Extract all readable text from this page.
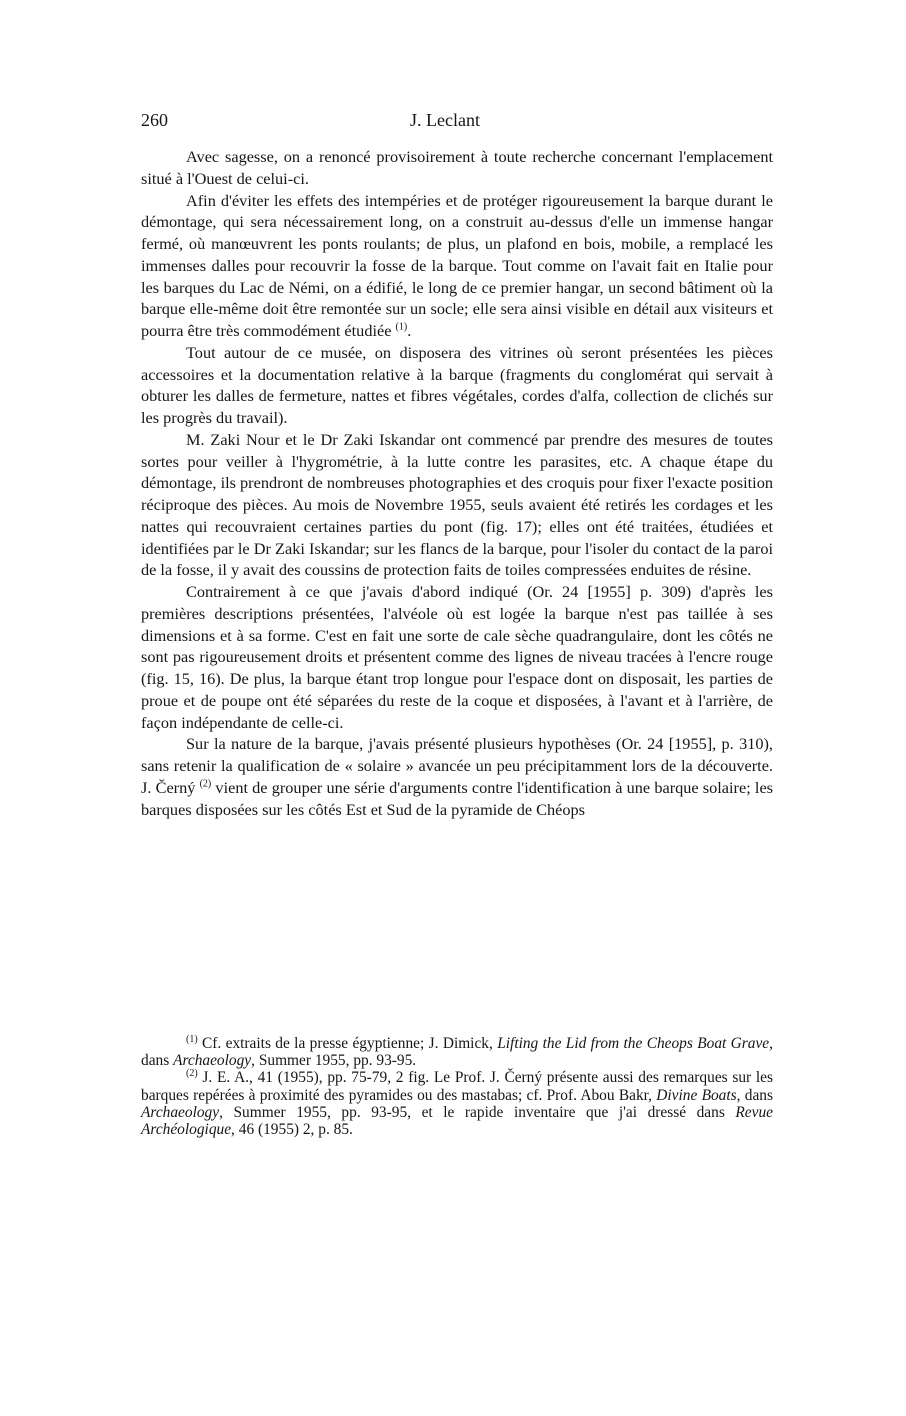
260	J. Leclant

Avec sagesse, on a renoncé provisoirement à toute recherche concernant l'emplacement situé à l'Ouest de celui-ci.

Afin d'éviter les effets des intempéries et de protéger rigoureusement la barque durant le démontage, qui sera nécessairement long, on a construit au-dessus d'elle un immense hangar fermé, où manœuvrent les ponts roulants; de plus, un plafond en bois, mobile, a remplacé les immenses dalles pour recouvrir la fosse de la barque. Tout comme on l'avait fait en Italie pour les barques du Lac de Némi, on a édifié, le long de ce premier hangar, un second bâtiment où la barque elle-même doit être remontée sur un socle; elle sera ainsi visible en détail aux visiteurs et pourra être très commodément étudiée $^{(1)}$.

Tout autour de ce musée, on disposera des vitrines où seront présentées les pièces accessoires et la documentation relative à la barque (fragments du conglomérat qui servait à obturer les dalles de fermeture, nattes et fibres végétales, cordes d'alfa, collection de clichés sur les progrès du travail).

M. Zaki Nour et le Dr Zaki Iskandar ont commencé par prendre des mesures de toutes sortes pour veiller à l'hygrométrie, à la lutte contre les parasites, etc. A chaque étape du démontage, ils prendront de nombreuses photographies et des croquis pour fixer l'exacte position réciproque des pièces. Au mois de Novembre 1955, seuls avaient été retirés les cordages et les nattes qui recouvraient certaines parties du pont (fig. 17); elles ont été traitées, étudiées et identifiées par le Dr Zaki Iskandar; sur les flancs de la barque, pour l'isoler du contact de la paroi de la fosse, il y avait des coussins de protection faits de toiles compressées enduites de résine.

Contrairement à ce que j'avais d'abord indiqué (Or. 24 [1955] p. 309) d'après les premières descriptions présentées, l'alvéole où est logée la barque n'est pas taillée à ses dimensions et à sa forme. C'est en fait une sorte de cale sèche quadrangulaire, dont les côtés ne sont pas rigoureusement droits et présentent comme des lignes de niveau tracées à l'encre rouge (fig. 15, 16). De plus, la barque étant trop longue pour l'espace dont on disposait, les parties de proue et de poupe ont été séparées du reste de la coque et disposées, à l'avant et à l'arrière, de façon indépendante de celle-ci.

Sur la nature de la barque, j'avais présenté plusieurs hypothèses (Or. 24 [1955], p. 310), sans retenir la qualification de « solaire » avancée un peu précipitamment lors de la découverte. J. Černý $^{(2)}$ vient de grouper une série d'arguments contre l'identification à une barque solaire; les barques disposées sur les côtés Est et Sud de la pyramide de Chéops

$^{(1)}$ Cf. extraits de la presse égyptienne; J. Dimick, Lifting the Lid from the Cheops Boat Grave, dans Archaeology, Summer 1955, pp. 93-95.

$^{(2)}$ J. E. A., 41 (1955), pp. 75-79, 2 fig. Le Prof. J. Černý présente aussi des remarques sur les barques repérées à proximité des pyramides ou des mastabas; cf. Prof. Abou Bakr, Divine Boats, dans Archaeology, Summer 1955, pp. 93-95, et le rapide inventaire que j'ai dressé dans Revue Archéologique, 46 (1955) 2, p. 85.
